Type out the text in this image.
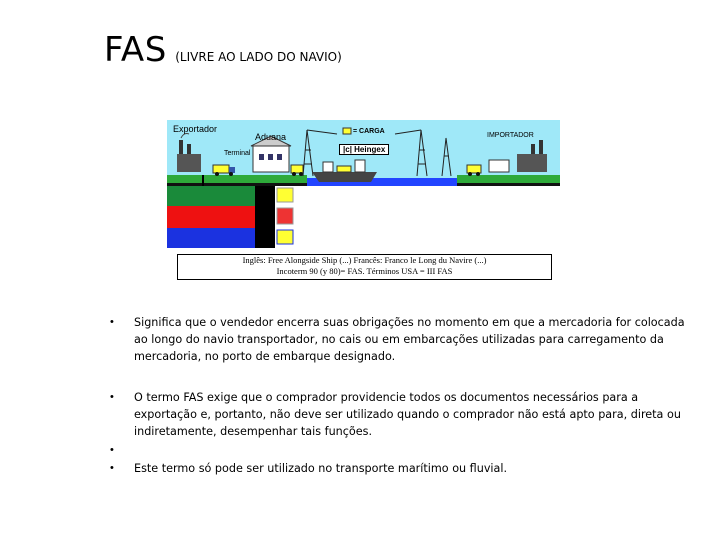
FAS (LIVRE AO LADO DO NAVIO)
Exportador
Aduana
= CARGA
Terminal	|c| Heingex
IMPORTADOR
Inglês: Free Alongside Ship (...) Francês: Franco le Long du Navire (...)
Incoterm 90 (y 80)= FAS. Términos USA = III FAS
• Significa que o vendedor encerra suas obrigações no momento em que a mercadoria for colocada ao longo do navio transportador, no cais ou em embarcações utilizadas para carregamento da mercadoria, no porto de embarque designado.
• O termo FAS exige que o comprador providencie todos os documentos necessários para a exportação e, portanto, não deve ser utilizado quando o comprador não está apto para, direta ou indiretamente, desempenhar tais funções.
•
• Este termo só pode ser utilizado no transporte marítimo ou fluvial.
